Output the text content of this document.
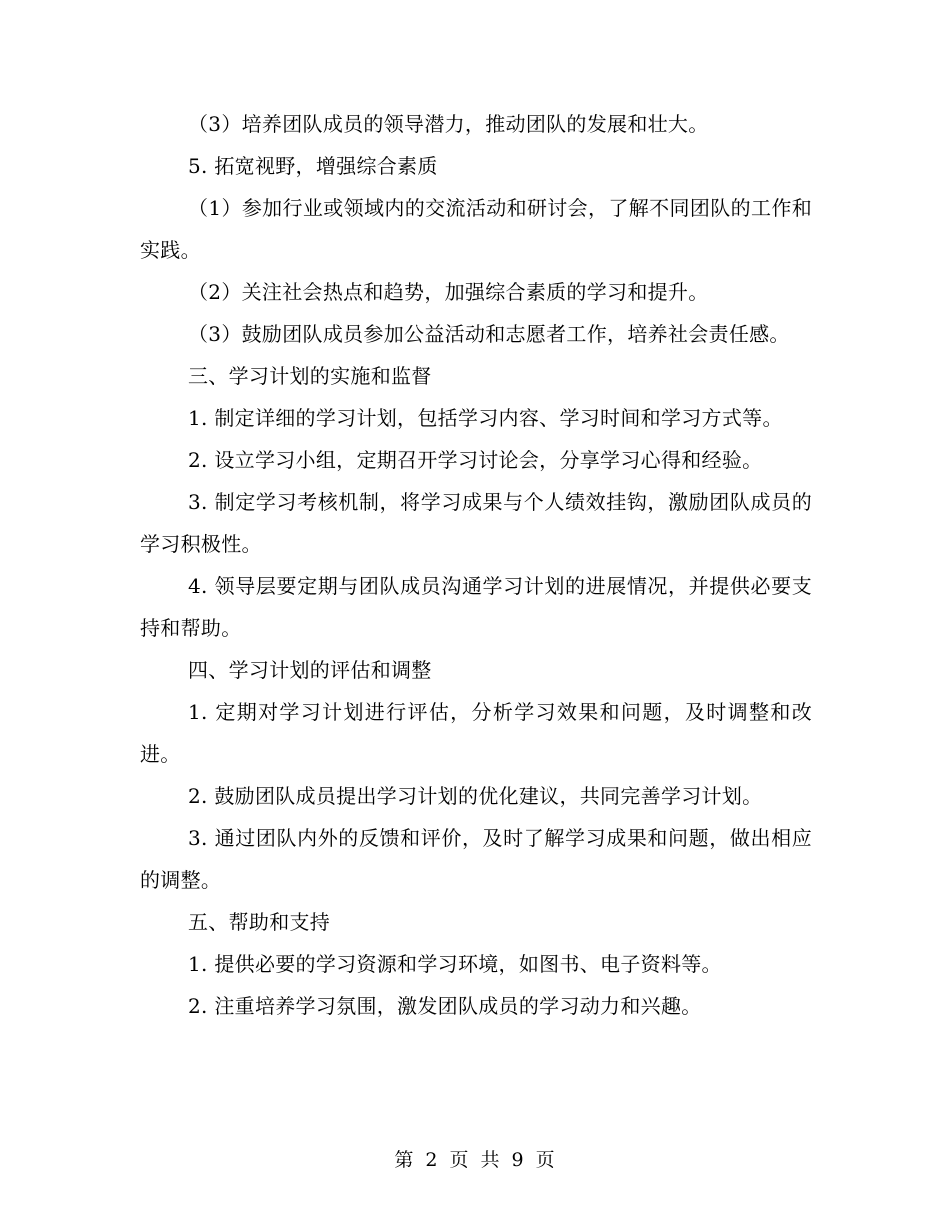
（3）培养团队成员的领导潜力，推动团队的发展和壮大。

5. 拓宽视野，增强综合素质

（1）参加行业或领域内的交流活动和研讨会，了解不同团队的工作和实践。

（2）关注社会热点和趋势，加强综合素质的学习和提升。

（3）鼓励团队成员参加公益活动和志愿者工作，培养社会责任感。

三、学习计划的实施和监督

1. 制定详细的学习计划，包括学习内容、学习时间和学习方式等。

2. 设立学习小组，定期召开学习讨论会，分享学习心得和经验。

3. 制定学习考核机制，将学习成果与个人绩效挂钩，激励团队成员的学习积极性。

4. 领导层要定期与团队成员沟通学习计划的进展情况，并提供必要支持和帮助。

四、学习计划的评估和调整

1. 定期对学习计划进行评估，分析学习效果和问题，及时调整和改进。

2. 鼓励团队成员提出学习计划的优化建议，共同完善学习计划。

3. 通过团队内外的反馈和评价，及时了解学习成果和问题，做出相应的调整。

五、帮助和支持

1. 提供必要的学习资源和学习环境，如图书、电子资料等。

2. 注重培养学习氛围，激发团队成员的学习动力和兴趣。

第 2 页 共 9 页
